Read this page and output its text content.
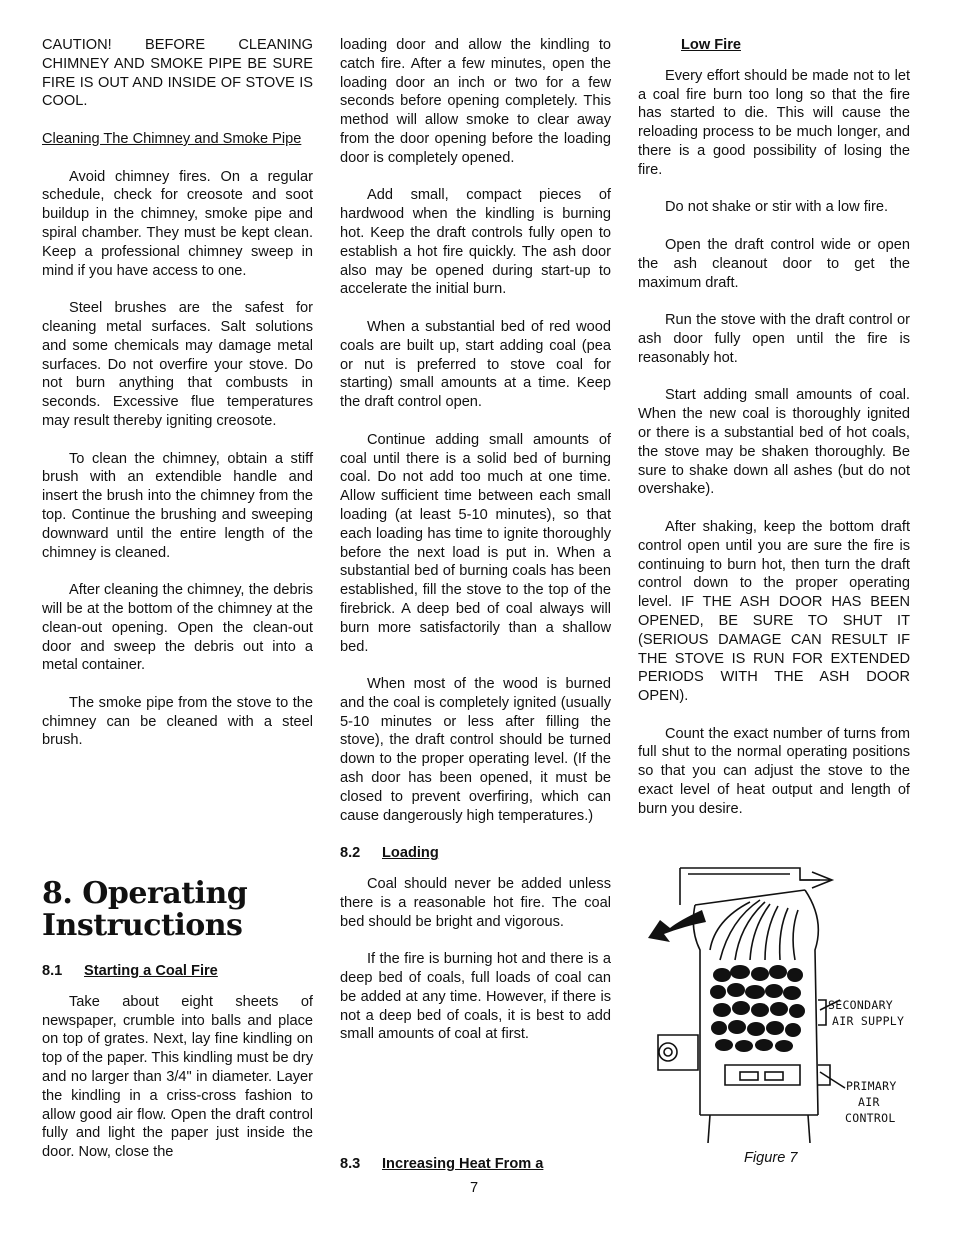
CAUTION! BEFORE CLEANING CHIMNEY AND SMOKE PIPE BE SURE FIRE IS OUT AND INSIDE OF STOVE IS COOL.

Cleaning The Chimney and Smoke Pipe

Avoid chimney fires. On a regular schedule, check for creosote and soot buildup in the chimney, smoke pipe and spiral chamber. They must be kept clean. Keep a professional chimney sweep in mind if you have access to one.

Steel brushes are the safest for cleaning metal surfaces. Salt solutions and some chemicals may damage metal surfaces. Do not overfire your stove. Do not burn anything that combusts in seconds. Excessive flue temperatures may result thereby igniting creosote.

To clean the chimney, obtain a stiff brush with an extendible handle and insert the brush into the chimney from the top. Continue the brushing and sweeping downward until the entire length of the chimney is cleaned.

After cleaning the chimney, the debris will be at the bottom of the chimney at the clean-out opening. Open the clean-out door and sweep the debris out into a metal container.

The smoke pipe from the stove to the chimney can be cleaned with a steel brush.

8. Operating Instructions

8.1 Starting a Coal Fire

Take about eight sheets of newspaper, crumble into balls and place on top of grates. Next, lay fine kindling on top of the paper. This kindling must be dry and no larger than 3/4" in diameter. Layer the kindling in a criss-cross fashion to allow good air flow. Open the draft control fully and light the paper just inside the door. Now, close the

loading door and allow the kindling to catch fire. After a few minutes, open the loading door an inch or two for a few seconds before opening completely. This method will allow smoke to clear away from the door opening before the loading door is completely opened.

Add small, compact pieces of hardwood when the kindling is burning hot. Keep the draft controls fully open to establish a hot fire quickly. The ash door also may be opened during start-up to accelerate the initial burn.

When a substantial bed of red wood coals are built up, start adding coal (pea or nut is preferred to stove coal for starting) small amounts at a time. Keep the draft control open.

Continue adding small amounts of coal until there is a solid bed of burning coal. Do not add too much at one time. Allow sufficient time between each small loading (at least 5-10 minutes), so that each loading has time to ignite thoroughly before the next load is put in. When a substantial bed of burning coals has been established, fill the stove to the top of the firebrick. A deep bed of coal always will burn more satisfactorily than a shallow bed.

When most of the wood is burned and the coal is completely ignited (usually 5-10 minutes or less after filling the stove), the draft control should be turned down to the proper operating level. (If the ash door has been opened, it must be closed to prevent overfiring, which can cause dangerously high temperatures.)

8.2 Loading

Coal should never be added unless there is a reasonable hot fire. The coal bed should be bright and vigorous.

If the fire is burning hot and there is a deep bed of coals, full loads of coal can be added at any time. However, if there is not a deep bed of coals, it is best to add small amounts of coal at first.

8.3 Increasing Heat From a

Low Fire

Every effort should be made not to let a coal fire burn too long so that the fire has started to die. This will cause the reloading process to be much longer, and there is a good possibility of losing the fire.

Do not shake or stir with a low fire.

Open the draft control wide or open the ash cleanout door to get the maximum draft.

Run the stove with the draft control or ash door fully open until the fire is reasonably hot.

Start adding small amounts of coal. When the new coal is thoroughly ignited or there is a substantial bed of hot coals, the stove may be shaken thoroughly. Be sure to shake down all ashes (but do not overshake).

After shaking, keep the bottom draft control open until you are sure the fire is continuing to burn hot, then turn the draft control down to the proper operating level. IF THE ASH DOOR HAS BEEN OPENED, BE SURE TO SHUT IT (SERIOUS DAMAGE CAN RESULT IF THE STOVE IS RUN FOR EXTENDED PERIODS WITH THE ASH DOOR OPEN).

Count the exact number of turns from full shut to the normal operating positions so that you can adjust the stove to the exact level of heat output and length of burn you desire.

SECONDARY
AIR SUPPLY
PRIMARY
AIR
CONTROL
Figure 7
7
